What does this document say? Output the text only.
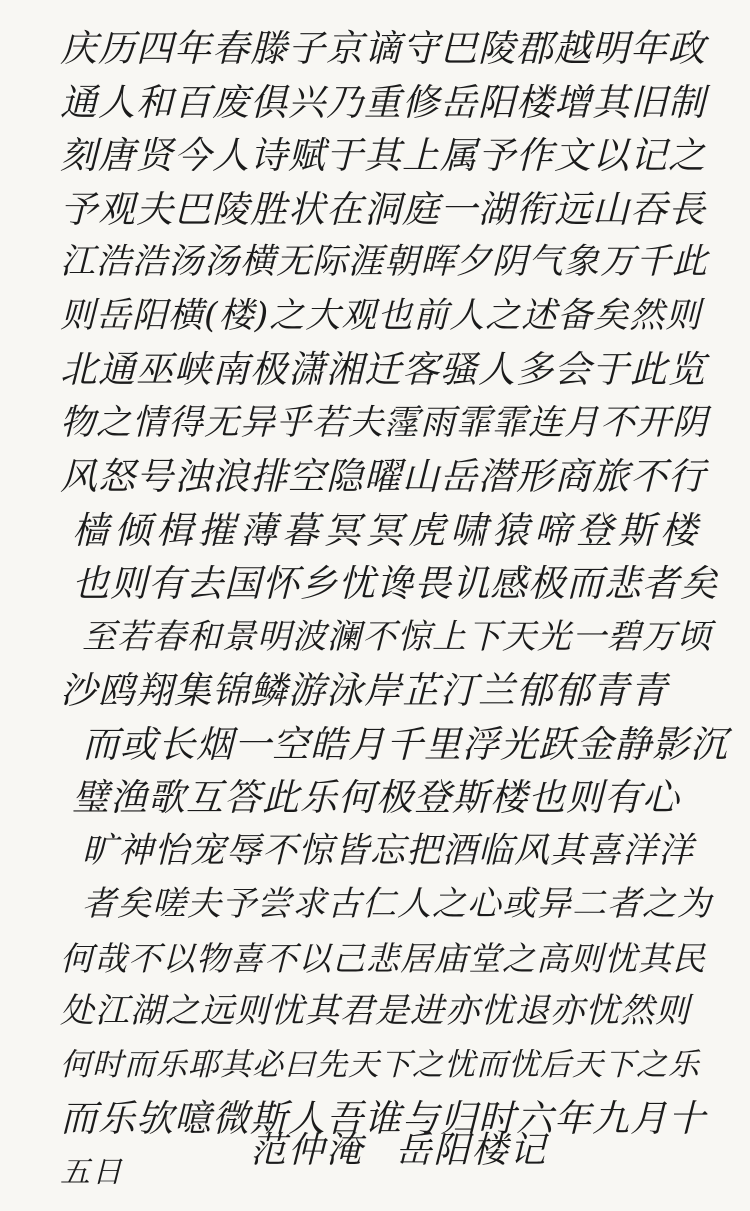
庆历四年春滕子京谪守巴陵郡越明年政
通人和百废俱兴乃重修岳阳楼增其旧制
刻唐贤今人诗赋于其上属予作文以记之
予观夫巴陵胜状在洞庭一湖衔远山吞長
江浩浩汤汤横无际涯朝晖夕阴气象万千此
则岳阳横(楼)之大观也前人之述备矣然则
北通巫峡南极潇湘迁客骚人多会于此览
物之情得无异乎若夫霪雨霏霏连月不开阴
风怒号浊浪排空隐曜山岳潜形商旅不行
樯倾楫摧薄暮冥冥虎啸猿啼登斯楼
也则有去国怀乡忧谗畏讥感极而悲者矣
至若春和景明波澜不惊上下天光一碧万顷
沙鸥翔集锦鳞游泳岸芷汀兰郁郁青青
而或长烟一空皓月千里浮光跃金静影沉
璧渔歌互答此乐何极登斯楼也则有心
旷神怡宠辱不惊皆忘把酒临风其喜洋洋
者矣嗟夫予尝求古仁人之心或异二者之为
何哉不以物喜不以己悲居庙堂之高则忧其民
处江湖之远则忧其君是进亦忧退亦忧然则
何时而乐耶其必曰先天下之忧而忧后天下之乐
而乐欤噫微斯人吾谁与归时六年九月十
五日
范仲淹 岳阳楼记
